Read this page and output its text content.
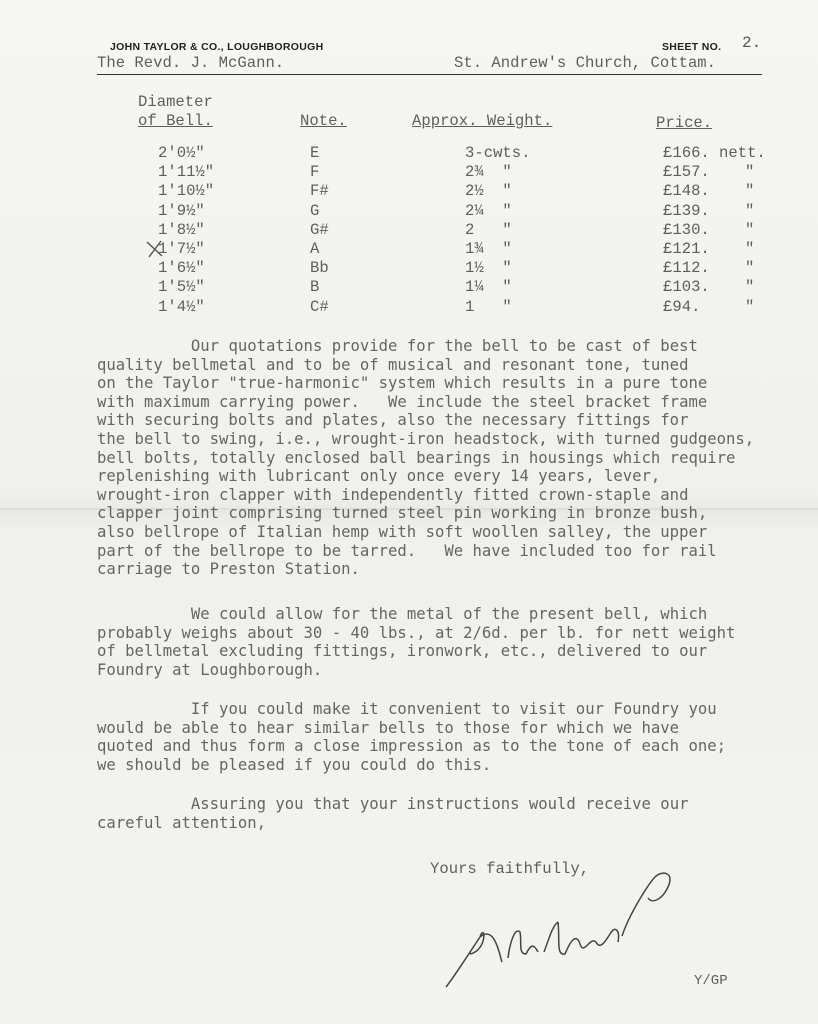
JOHN TAYLOR & CO., LOUGHBOROUGH	SHEET NO. 2.
The Revd. J. McGann.	St. Andrew's Church, Cottam.
Diameter
of Bell.	Note.	Approx. Weight.	Price.
2'0½"	E	3-cwts.	£166. nett.
1'11½"	F	2¾  "	£157. "
1'10½"	F#	2½  "	£148. "
1'9½"	G	2¼  "	£139. "
1'8½"	G#	2   "	£130. "
1'7½"	A	1¾  "	£121. "
1'6½"	Bb	1½  "	£112. "
1'5½"	B	1¼  "	£103. "
1'4½"	C#	1   "	£94.	"
Our quotations provide for the bell to be cast of best
quality bellmetal and to be of musical and resonant tone, tuned
on the Taylor "true-harmonic" system which results in a pure tone
with maximum carrying power.   We include the steel bracket frame
with securing bolts and plates, also the necessary fittings for
the bell to swing, i.e., wrought-iron headstock, with turned gudgeons,
bell bolts, totally enclosed ball bearings in housings which require
replenishing with lubricant only once every 14 years, lever,
wrought-iron clapper with independently fitted crown-staple and
clapper joint comprising turned steel pin working in bronze bush,
also bellrope of Italian hemp with soft woollen salley, the upper
part of the bellrope to be tarred.   We have included too for rail
carriage to Preston Station.
We could allow for the metal of the present bell, which
probably weighs about 30 - 40 lbs., at 2/6d. per lb. for nett weight
of bellmetal excluding fittings, ironwork, etc., delivered to our
Foundry at Loughborough.
If you could make it convenient to visit our Foundry you
would be able to hear similar bells to those for which we have
quoted and thus form a close impression as to the tone of each one;
we should be pleased if you could do this.
Assuring you that your instructions would receive our
careful attention,
Yours faithfully,
Y/GP
